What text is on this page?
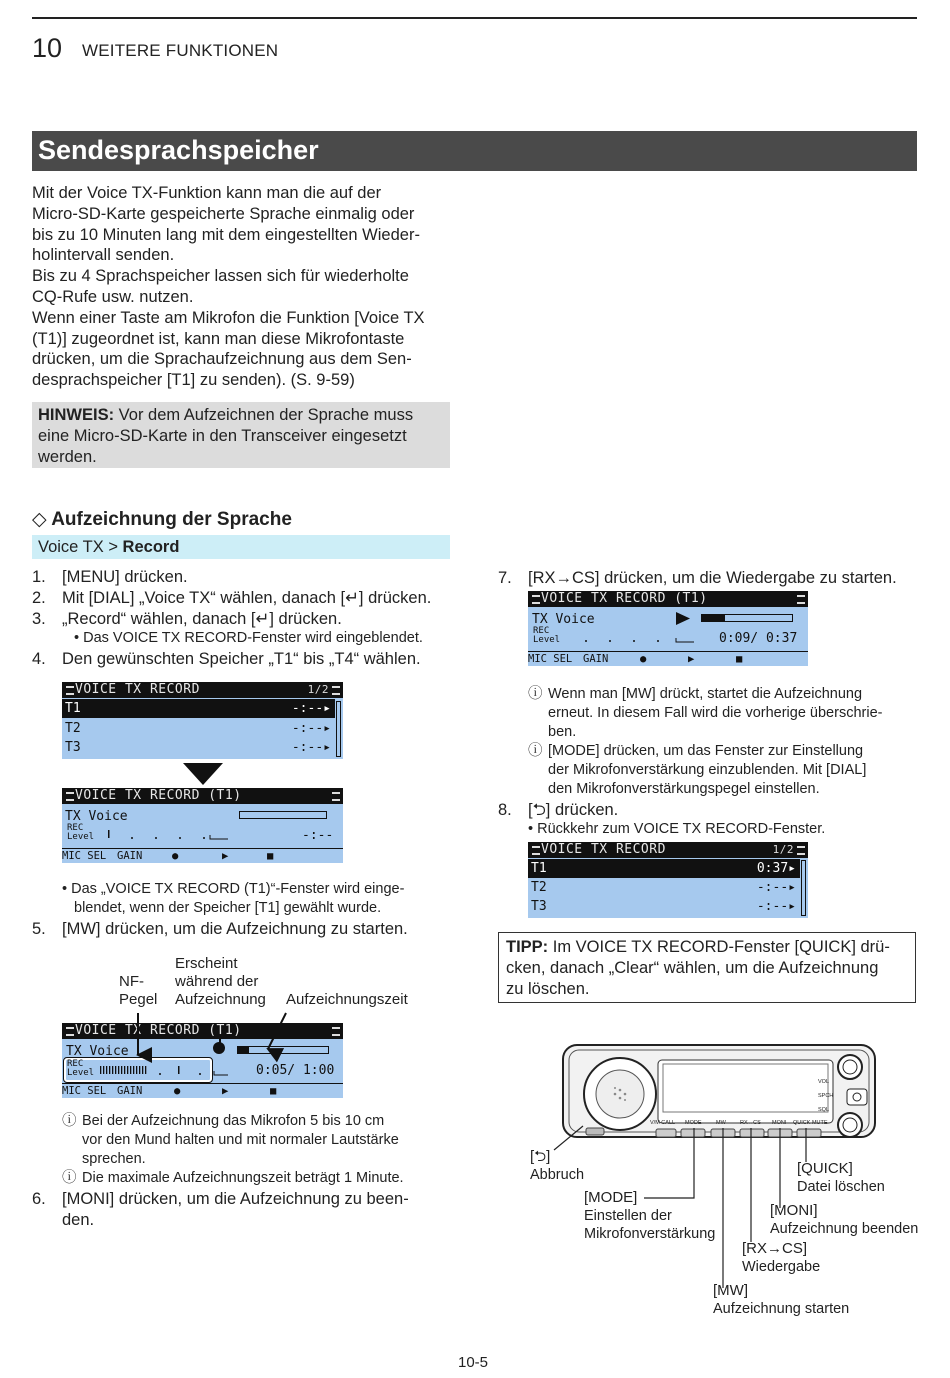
10 WEITERE FUNKTIONEN
Sendesprachspeicher
Mit der Voice TX-Funktion kann man die auf der
Micro-SD-Karte gespeicherte Sprache einmalig oder
bis zu 10 Minuten lang mit dem eingestellten Wieder-
holintervall senden.
Bis zu 4 Sprachspeicher lassen sich für wiederholte
CQ-Rufe usw. nutzen.
Wenn einer Taste am Mikrofon die Funktion [Voice TX
(T1)] zugeordnet ist, kann man diese Mikrofontaste
drücken, um die Sprachaufzeichnung aus dem Sen-
desprachspeicher [T1] zu senden). (S. 9-59)
HINWEIS: Vor dem Aufzeichnen der Sprache muss
eine Micro-SD-Karte in den Transceiver eingesetzt
werden.
◇ Aufzeichnung der Sprache
Voice TX > Record
1. [MENU] drücken.
2. Mit [DIAL] „Voice TX“ wählen, danach [↵] drücken.
3. „Record“ wählen, danach [↵] drücken.
• Das VOICE TX RECORD-Fenster wird eingeblendet.
4. Den gewünschten Speicher „T1“ bis „T4“ wählen.
VOICE TX RECORD	1/2
T1	-:--▸
T2	-:--▸
T3	-:--▸
VOICE TX RECORD (T1)
TX Voice
REC
Level	-:--
MIC SEL GAIN	●	▶	■
• Das „VOICE TX RECORD (T1)“-Fenster wird einge-
blendet, wenn der Speicher [T1] gewählt wurde.
5. [MW] drücken, um die Aufzeichnung zu starten.
NF-
Pegel
Erscheint
während der
Aufzeichnung Aufzeichnungszeit
VOICE TX RECORD (T1)
TX Voice
REC
Level	0:05/ 1:00
MIC SEL GAIN	●	▶	■
ⓘ Bei der Aufzeichnung das Mikrofon 5 bis 10 cm
vor den Mund halten und mit normaler Lautstärke
sprechen.
ⓘ Die maximale Aufzeichnungszeit beträgt 1 Minute.
6. [MONI] drücken, um die Aufzeichnung zu been-
den.
7. [RX→CS] drücken, um die Wiedergabe zu starten.
VOICE TX RECORD (T1)
TX Voice
REC
Level	0:09/ 0:37
MIC SEL GAIN	●	▶	■
ⓘ Wenn man [MW] drückt, startet die Aufzeichnung
erneut. In diesem Fall wird die vorherige überschrie-
ben.
ⓘ [MODE] drücken, um das Fenster zur Einstellung
der Mikrofonverstärkung einzublenden. Mit [DIAL]
den Mikrofonverstärkungspegel einstellen.
8. [⮌] drücken.
• Rückkehr zum VOICE TX RECORD-Fenster.
VOICE TX RECORD	1/2
T1	0:37▸
T2	-:--▸
T3	-:--▸
TIPP: Im VOICE TX RECORD-Fenster [QUICK] drü-
cken, danach „Clear“ wählen, um die Aufzeichnung
zu löschen.
V/M CALL MODE	MW	RX↔CS MONI QUICK MUTE
VOL
SPCH
SQL
[⮌]
Abbruch
[MODE]
Einstellen der
Mikrofonverstärkung
[QUICK]
Datei löschen
[MONI]
Aufzeichnung beenden
[RX→CS]
Wiedergabe
[MW]
Aufzeichnung starten
10-5
